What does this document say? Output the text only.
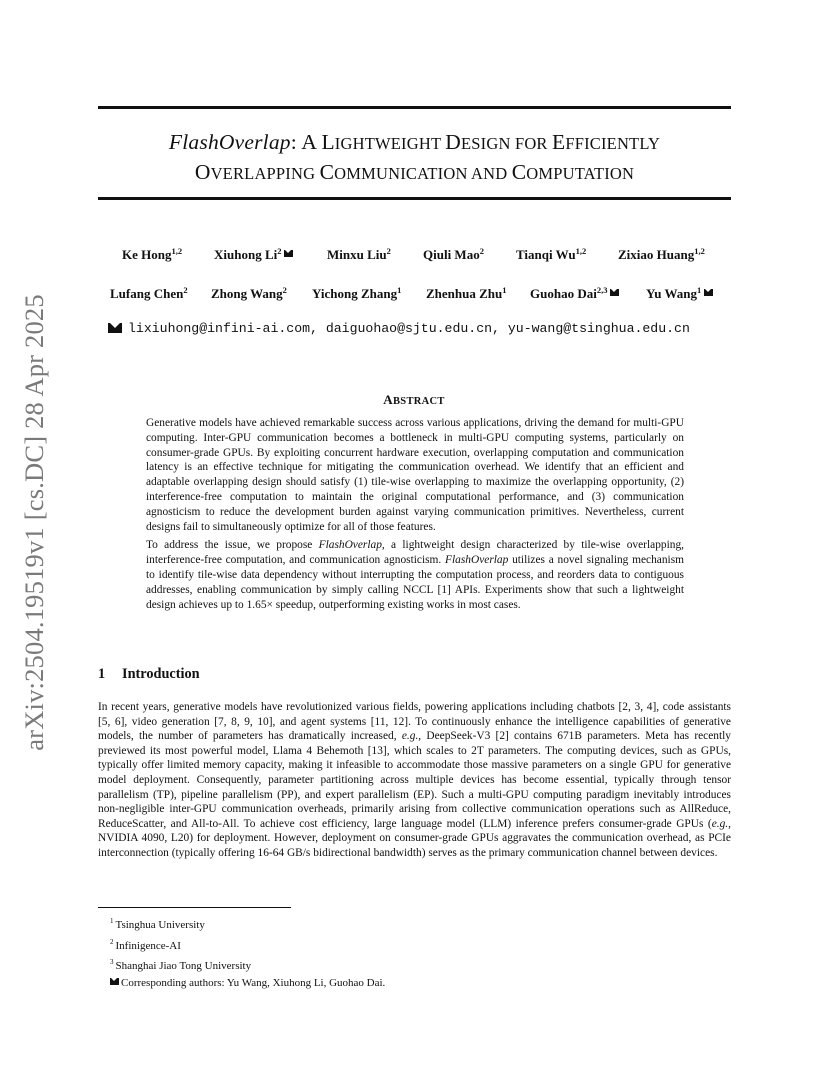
arXiv:2504.19519v1 [cs.DC] 28 Apr 2025
FlashOverlap: A LIGHTWEIGHT DESIGN FOR EFFICIENTLY
OVERLAPPING COMMUNICATION AND COMPUTATION
Ke Hong$^{1,2}$ Xiuhong Li$^2$	Minxu Liu$^2$ Qiuli Mao$^2$ Tianqi Wu$^{1,2}$ Zixiao Huang$^{1,2}$
Lufang Chen$^2$ Zhong Wang$^2$ Yichong Zhang$^1$ Zhenhua Zhu$^1$ Guohao Dai$^{2,3}$	Yu Wang$^1$
lixiuhong@infini-ai.com, daiguohao@sjtu.edu.cn, yu-wang@tsinghua.edu.cn
ABSTRACT

Generative models have achieved remarkable success across various applications, driving the demand for multi-GPU computing. Inter-GPU communication becomes a bottleneck in multi-GPU computing systems, particularly on consumer-grade GPUs. By exploiting concurrent hardware execution, overlapping computation and communication latency is an effective technique for mitigating the communication overhead. We identify that an efficient and adaptable overlapping design should satisfy (1) tile-wise overlapping to maximize the overlapping opportunity, (2) interference-free computation to maintain the original computational performance, and (3) communication agnosticism to reduce the development burden against varying communication primitives. Nevertheless, current designs fail to simultaneously optimize for all of those features.

To address the issue, we propose FlashOverlap, a lightweight design characterized by tile-wise overlapping, interference-free computation, and communication agnosticism. FlashOverlap utilizes a novel signaling mechanism to identify tile-wise data dependency without interrupting the computation process, and reorders data to contiguous addresses, enabling communication by simply calling NCCL [1] APIs. Experiments show that such a lightweight design achieves up to 1.65× speedup, outperforming existing works in most cases.

1 Introduction

In recent years, generative models have revolutionized various fields, powering applications including chatbots [2, 3, 4], code assistants [5, 6], video generation [7, 8, 9, 10], and agent systems [11, 12]. To continuously enhance the intelligence capabilities of generative models, the number of parameters has dramatically increased, e.g., DeepSeek-V3 [2] contains 671B parameters. Meta has recently previewed its most powerful model, Llama 4 Behemoth [13], which scales to 2T parameters. The computing devices, such as GPUs, typically offer limited memory capacity, making it infeasible to accommodate those massive parameters on a single GPU for generative model deployment. Consequently, parameter partitioning across multiple devices has become essential, typically through tensor parallelism (TP), pipeline parallelism (PP), and expert parallelism (EP). Such a multi-GPU computing paradigm inevitably introduces non-negligible inter-GPU communication overheads, primarily arising from collective communication operations such as AllReduce, ReduceScatter, and All-to-All. To achieve cost efficiency, large language model (LLM) inference prefers consumer-grade GPUs (e.g., NVIDIA 4090, L20) for deployment. However, deployment on consumer-grade GPUs aggravates the communication overhead, as PCIe interconnection (typically offering 16-64 GB/s bidirectional bandwidth) serves as the primary communication channel between devices.

$^1$ Tsinghua University
$^2$ Infinigence-AI
$^3$ Shanghai Jiao Tong University
Corresponding authors: Yu Wang, Xiuhong Li, Guohao Dai.
